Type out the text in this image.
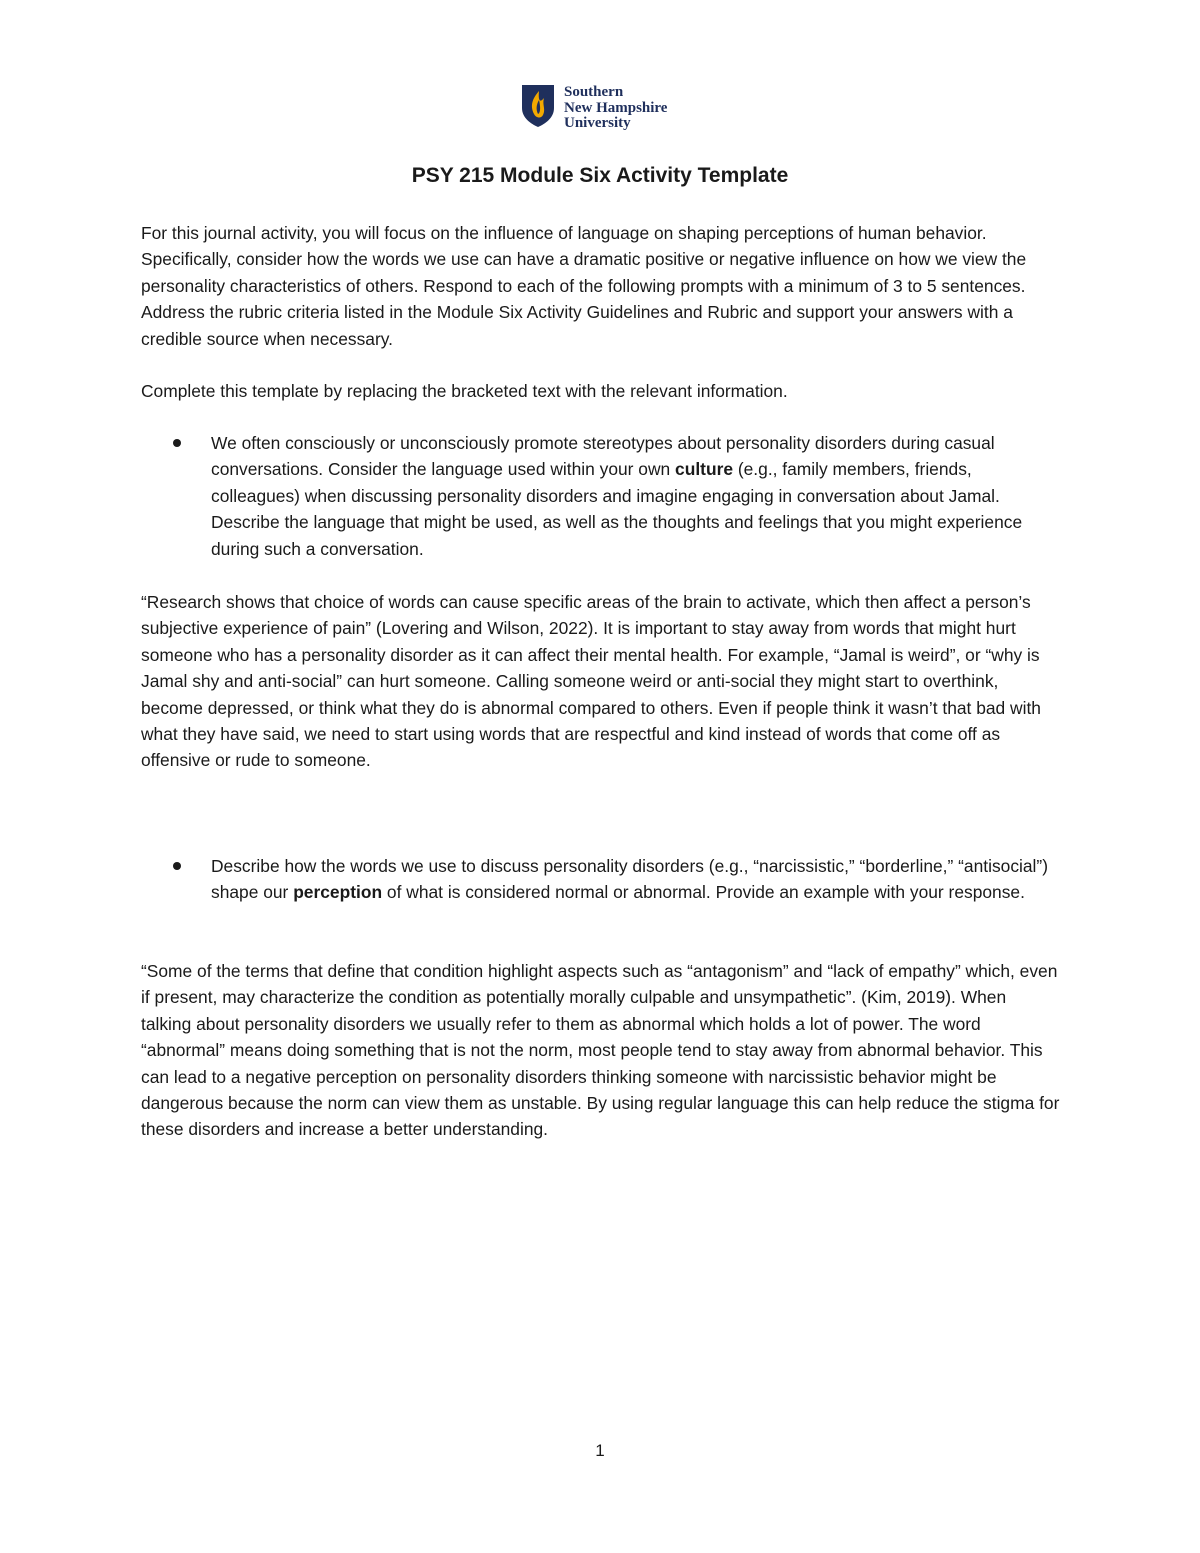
Southern
New Hampshire
University
PSY 215 Module Six Activity Template

For this journal activity, you will focus on the influence of language on shaping perceptions of human behavior. Specifically, consider how the words we use can have a dramatic positive or negative influence on how we view the personality characteristics of others. Respond to each of the following prompts with a minimum of 3 to 5 sentences. Address the rubric criteria listed in the Module Six Activity Guidelines and Rubric and support your answers with a credible source when necessary.

Complete this template by replacing the bracketed text with the relevant information.

We often consciously or unconsciously promote stereotypes about personality disorders during casual conversations. Consider the language used within your own culture (e.g., family members, friends, colleagues) when discussing personality disorders and imagine engaging in conversation about Jamal. Describe the language that might be used, as well as the thoughts and feelings that you might experience during such a conversation.

“Research shows that choice of words can cause specific areas of the brain to activate, which then affect a person’s subjective experience of pain” (Lovering and Wilson, 2022). It is important to stay away from words that might hurt someone who has a personality disorder as it can affect their mental health. For example, “Jamal is weird”, or “why is Jamal shy and anti-social” can hurt someone. Calling someone weird or anti-social they might start to overthink, become depressed, or think what they do is abnormal compared to others. Even if people think it wasn’t that bad with what they have said, we need to start using words that are respectful and kind instead of words that come off as offensive or rude to someone.

Describe how the words we use to discuss personality disorders (e.g., “narcissistic,” “borderline,” “antisocial”) shape our perception of what is considered normal or abnormal. Provide an example with your response.

“Some of the terms that define that condition highlight aspects such as “antagonism” and “lack of empathy” which, even if present, may characterize the condition as potentially morally culpable and unsympathetic”. (Kim, 2019). When talking about personality disorders we usually refer to them as abnormal which holds a lot of power. The word “abnormal” means doing something that is not the norm, most people tend to stay away from abnormal behavior. This can lead to a negative perception on personality disorders thinking someone with narcissistic behavior might be dangerous because the norm can view them as unstable. By using regular language this can help reduce the stigma for these disorders and increase a better understanding.

1
